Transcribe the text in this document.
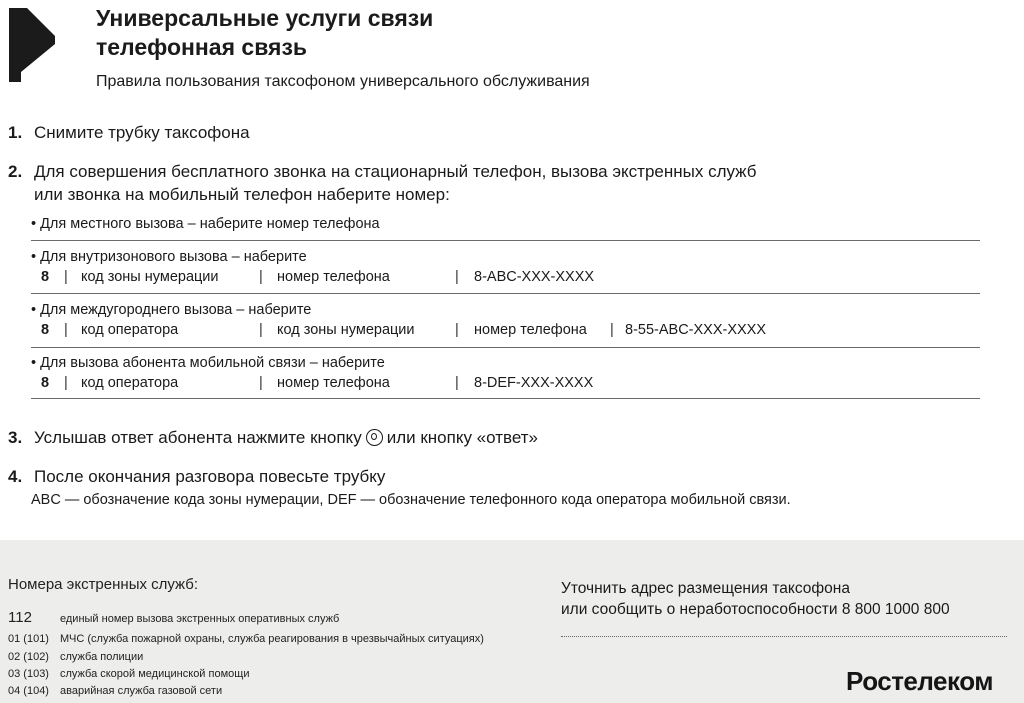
Универсальные услуги связи
телефонная связь
Правила пользования таксофоном универсального обслуживания
1. Снимите трубку таксофона
2. Для совершения бесплатного звонка на стационарный телефон, вызова экстренных служб
или звонка на мобильный телефон наберите номер:
• Для местного вызова – наберите номер телефона
• Для внутризонового вызова – наберите
8 | код зоны нумерации	| номер телефона	| 8-ABC-XXX-XXXX
• Для междугороднего вызова – наберите
8 | код оператора	| код зоны нумерации	| номер телефона | 8-55-ABC-XXX-XXXX
• Для вызова абонента мобильной связи – наберите
8 | код оператора	| номер телефона	| 8-DEF-XXX-XXXX
3. Услышав ответ абонента нажмите кнопку или кнопку «ответ»
4. После окончания разговора повесьте трубку
ABC — обозначение кода зоны нумерации, DEF — обозначение телефонного кода оператора мобильной связи.
Номера экстренных служб:
112	единый номер вызова экстренных оперативных служб
01 (101) МЧС (служба пожарной охраны, служба реагирования в чрезвычайных ситуациях)
02 (102) служба полиции
03 (103) служба скорой медицинской помощи
04 (104) аварийная служба газовой сети
Уточнить адрес размещения таксофона
или сообщить о неработоспособности 8 800 1000 800
Ростелеком
